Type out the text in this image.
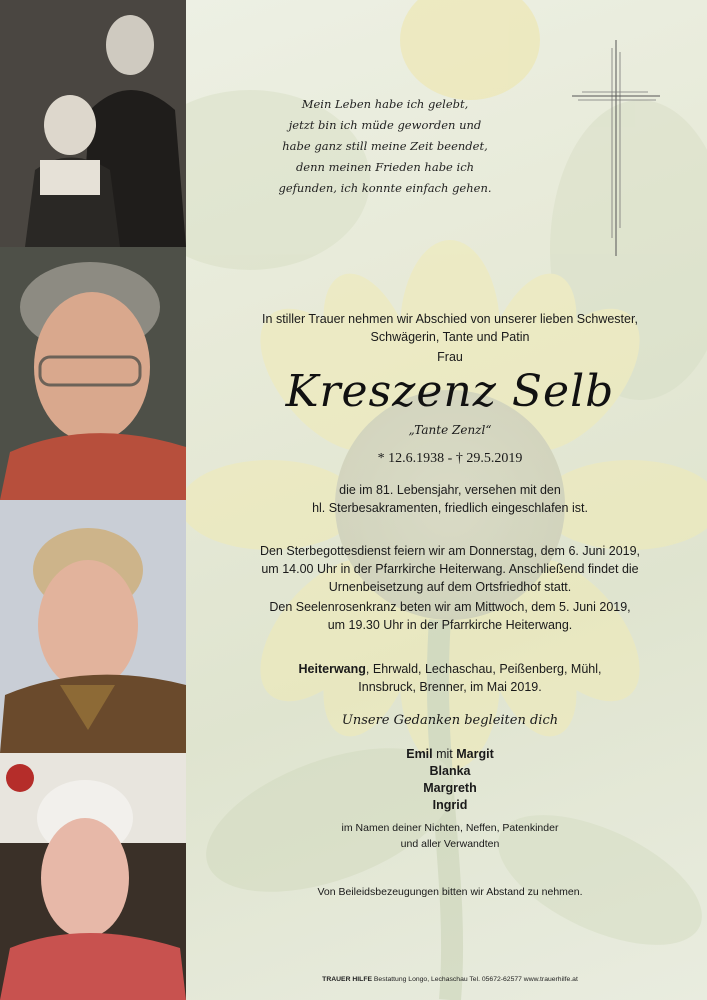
Mein Leben habe ich gelebt,
jetzt bin ich müde geworden und
habe ganz still meine Zeit beendet,
denn meinen Frieden habe ich
gefunden, ich konnte einfach gehen.
In stiller Trauer nehmen wir Abschied von unserer lieben Schwester,
Schwägerin, Tante und Patin
Frau
Kreszenz Selb
„Tante Zenzl“
* 12.6.1938 - † 29.5.2019
die im 81. Lebensjahr, versehen mit den
hl. Sterbesakramenten, friedlich eingeschlafen ist.
Den Sterbegottesdienst feiern wir am Donnerstag, dem 6. Juni 2019,
um 14.00 Uhr in der Pfarrkirche Heiterwang. Anschließend findet die
Urnenbeisetzung auf dem Ortsfriedhof statt.
Den Seelenrosenkranz beten wir am Mittwoch, dem 5. Juni 2019,
um 19.30 Uhr in der Pfarrkirche Heiterwang.
Heiterwang, Ehrwald, Lechaschau, Peißenberg, Mühl,
Innsbruck, Brenner, im Mai 2019.
Unsere Gedanken begleiten dich
Emil mit Margit
Blanka
Margreth
Ingrid
im Namen deiner Nichten, Neffen, Patenkinder
und aller Verwandten
Von Beileidsbezeugungen bitten wir Abstand zu nehmen.
TRAUER HILFE Bestattung Longo, Lechaschau Tel. 05672-62577 www.trauerhilfe.at
